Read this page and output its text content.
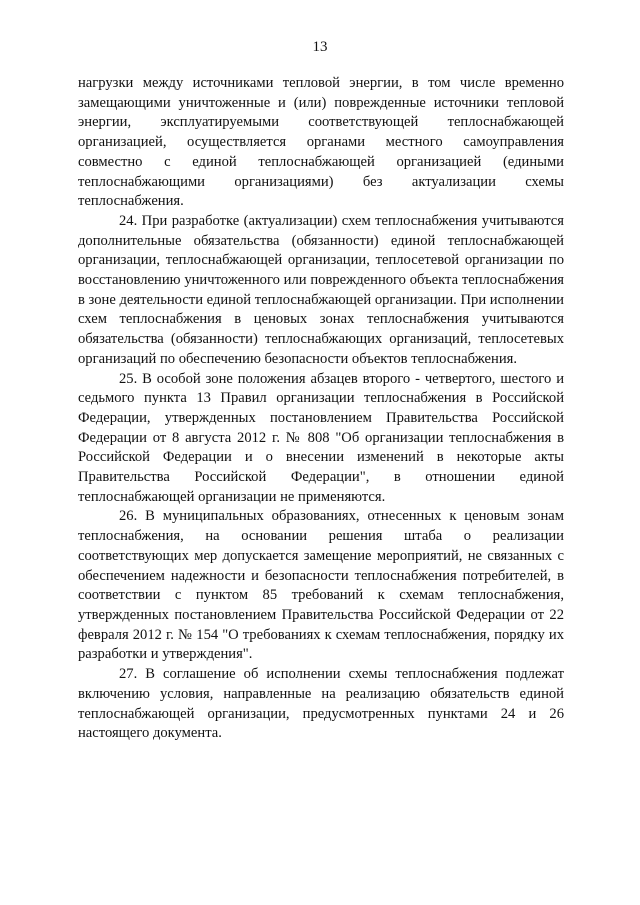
13

нагрузки между источниками тепловой энергии, в том числе временно замещающими уничтоженные и (или) поврежденные источники тепловой энергии, эксплуатируемыми соответствующей теплоснабжающей организацией, осуществляется органами местного самоуправления совместно с единой теплоснабжающей организацией (едиными теплоснабжающими организациями) без актуализации схемы теплоснабжения.

24. При разработке (актуализации) схем теплоснабжения учитываются дополнительные обязательства (обязанности) единой теплоснабжающей организации, теплоснабжающей организации, теплосетевой организации по восстановлению уничтоженного или поврежденного объекта теплоснабжения в зоне деятельности единой теплоснабжающей организации. При исполнении схем теплоснабжения в ценовых зонах теплоснабжения учитываются обязательства (обязанности) теплоснабжающих организаций, теплосетевых организаций по обеспечению безопасности объектов теплоснабжения.

25. В особой зоне положения абзацев второго - четвертого, шестого и седьмого пункта 13 Правил организации теплоснабжения в Российской Федерации, утвержденных постановлением Правительства Российской Федерации от 8 августа 2012 г. № 808 "Об организации теплоснабжения в Российской Федерации и о внесении изменений в некоторые акты Правительства Российской Федерации", в отношении единой теплоснабжающей организации не применяются.

26. В муниципальных образованиях, отнесенных к ценовым зонам теплоснабжения, на основании решения штаба о реализации соответствующих мер допускается замещение мероприятий, не связанных с обеспечением надежности и безопасности теплоснабжения потребителей, в соответствии с пунктом 85 требований к схемам теплоснабжения, утвержденных постановлением Правительства Российской Федерации от 22 февраля 2012 г. № 154 "О требованиях к схемам теплоснабжения, порядку их разработки и утверждения".

27. В соглашение об исполнении схемы теплоснабжения подлежат включению условия, направленные на реализацию обязательств единой теплоснабжающей организации, предусмотренных пунктами 24 и 26 настоящего документа.
